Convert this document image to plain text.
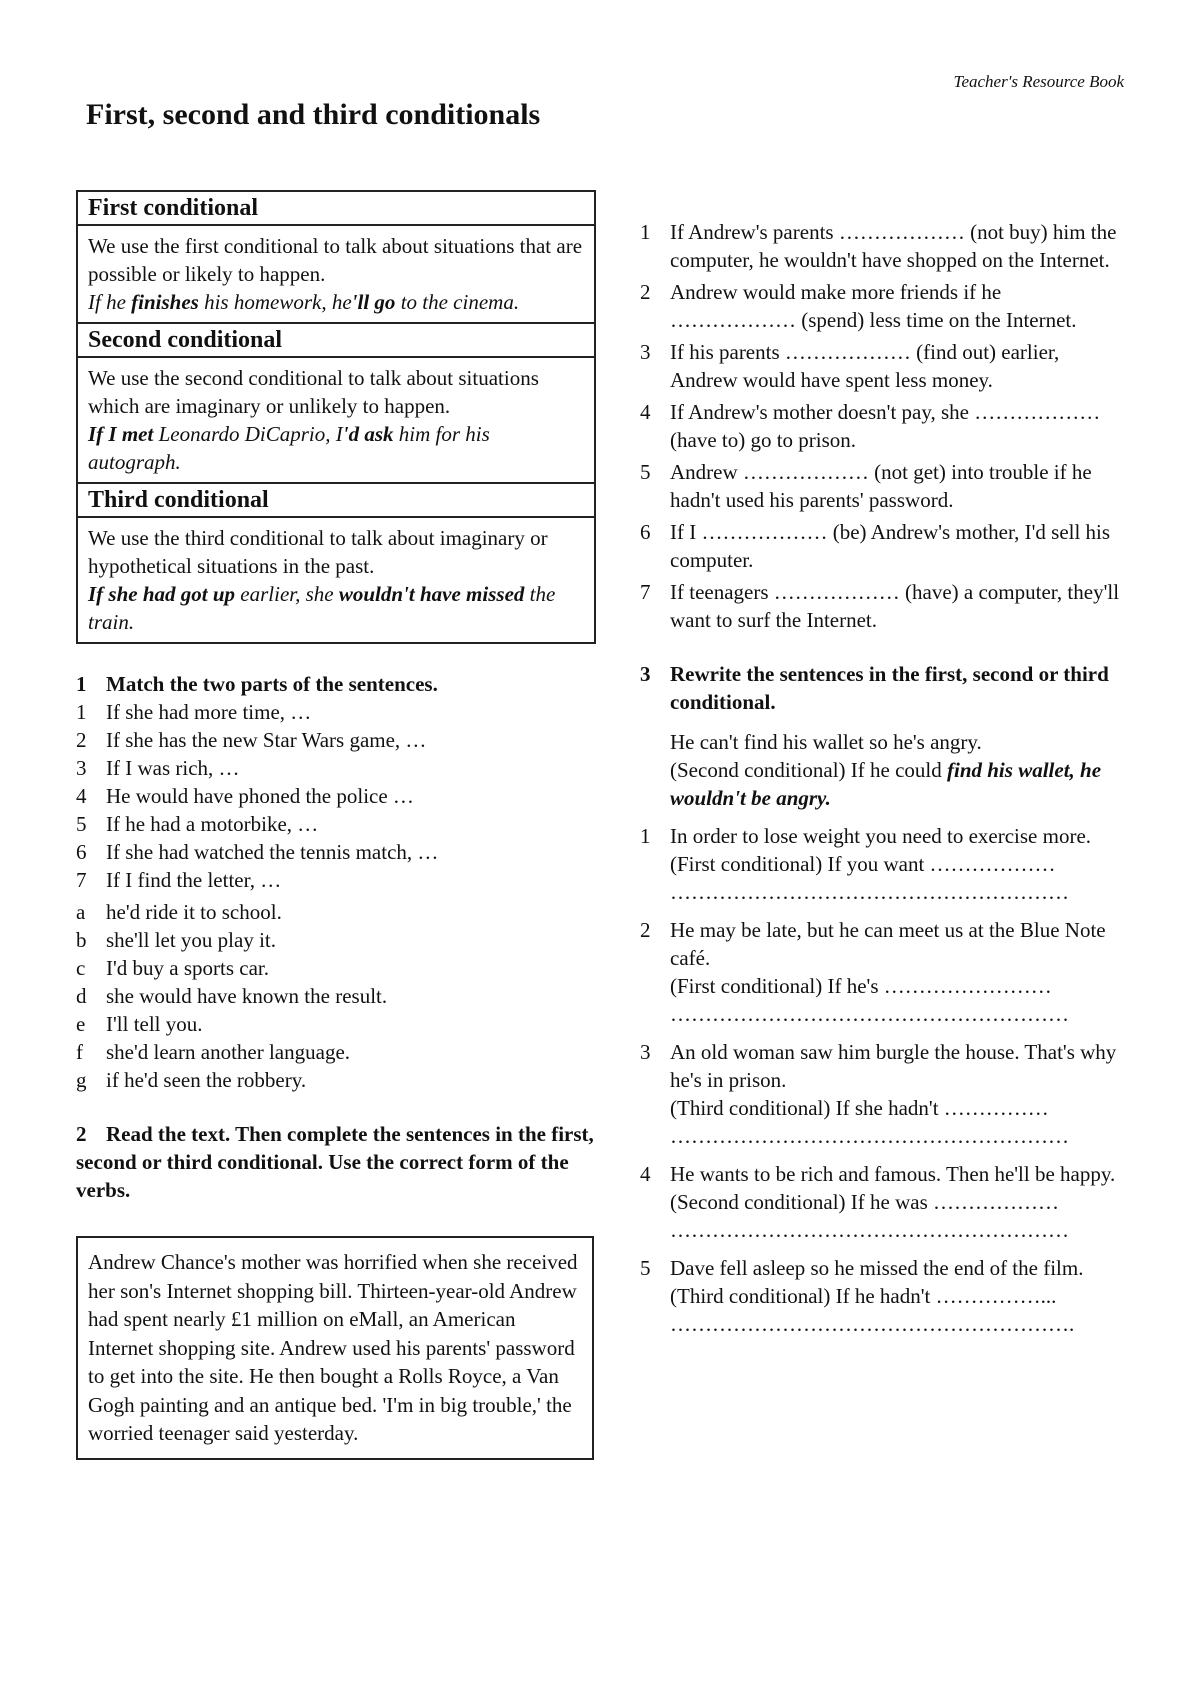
Teacher's Resource Book
First, second and third conditionals
First conditional
We use the first conditional to talk about situations that are possible or likely to happen.
If he finishes his homework, he'll go to the cinema.
Second conditional
We use the second conditional to talk about situations which are imaginary or unlikely to happen.
If I met Leonardo DiCaprio, I'd ask him for his autograph.
Third conditional
We use the third conditional to talk about imaginary or hypothetical situations in the past.
If she had got up earlier, she wouldn't have missed the train.

1 Match the two parts of the sentences.

1 If she had more time, …
2 If she has the new Star Wars game, …
3 If I was rich, …
4 He would have phoned the police …
5 If he had a motorbike, …
6 If she had watched the tennis match, …
7 If I find the letter, …
a he'd ride it to school.
b she'll let you play it.
c I'd buy a sports car.
d she would have known the result.
e I'll tell you.
f	she'd learn another language.
g if he'd seen the robbery.

2 Read the text. Then complete the sentences in the first, second or third conditional. Use the correct form of the verbs.

Andrew Chance's mother was horrified when she received her son's Internet shopping bill. Thirteen-year-old Andrew had spent nearly £1 million on eMall, an American Internet shopping site. Andrew used his parents' password to get into the site. He then bought a Rolls Royce, a Van Gogh painting and an antique bed. 'I'm in big trouble,' the worried teenager said yesterday.
1 If Andrew's parents ……………… (not buy) him the computer, he wouldn't have shopped on the Internet.
2 Andrew would make more friends if he ……………… (spend) less time on the Internet.
3 If his parents ……………… (find out) earlier, Andrew would have spent less money.
4 If Andrew's mother doesn't pay, she ……………… (have to) go to prison.
5 Andrew ……………… (not get) into trouble if he hadn't used his parents' password.
6 If I ……………… (be) Andrew's mother, I'd sell his computer.
7 If teenagers ……………… (have) a computer, they'll want to surf the Internet.
3 Rewrite the sentences in the first, second or third conditional.
He can't find his wallet so he's angry.
(Second conditional) If he could find his wallet, he wouldn't be angry.
1 In order to lose weight you need to exercise more.
(First conditional) If you want ………………
…………………………………………………
2 He may be late, but he can meet us at the Blue Note café.
(First conditional) If he's ……………………
…………………………………………………
3 An old woman saw him burgle the house. That's why he's in prison.
(Third conditional) If she hadn't ……………
…………………………………………………
4 He wants to be rich and famous. Then he'll be happy.
(Second conditional) If he was ………………
…………………………………………………
5 Dave fell asleep so he missed the end of the film.
(Third conditional) If he hadn't ……………...
………………………………………………….
